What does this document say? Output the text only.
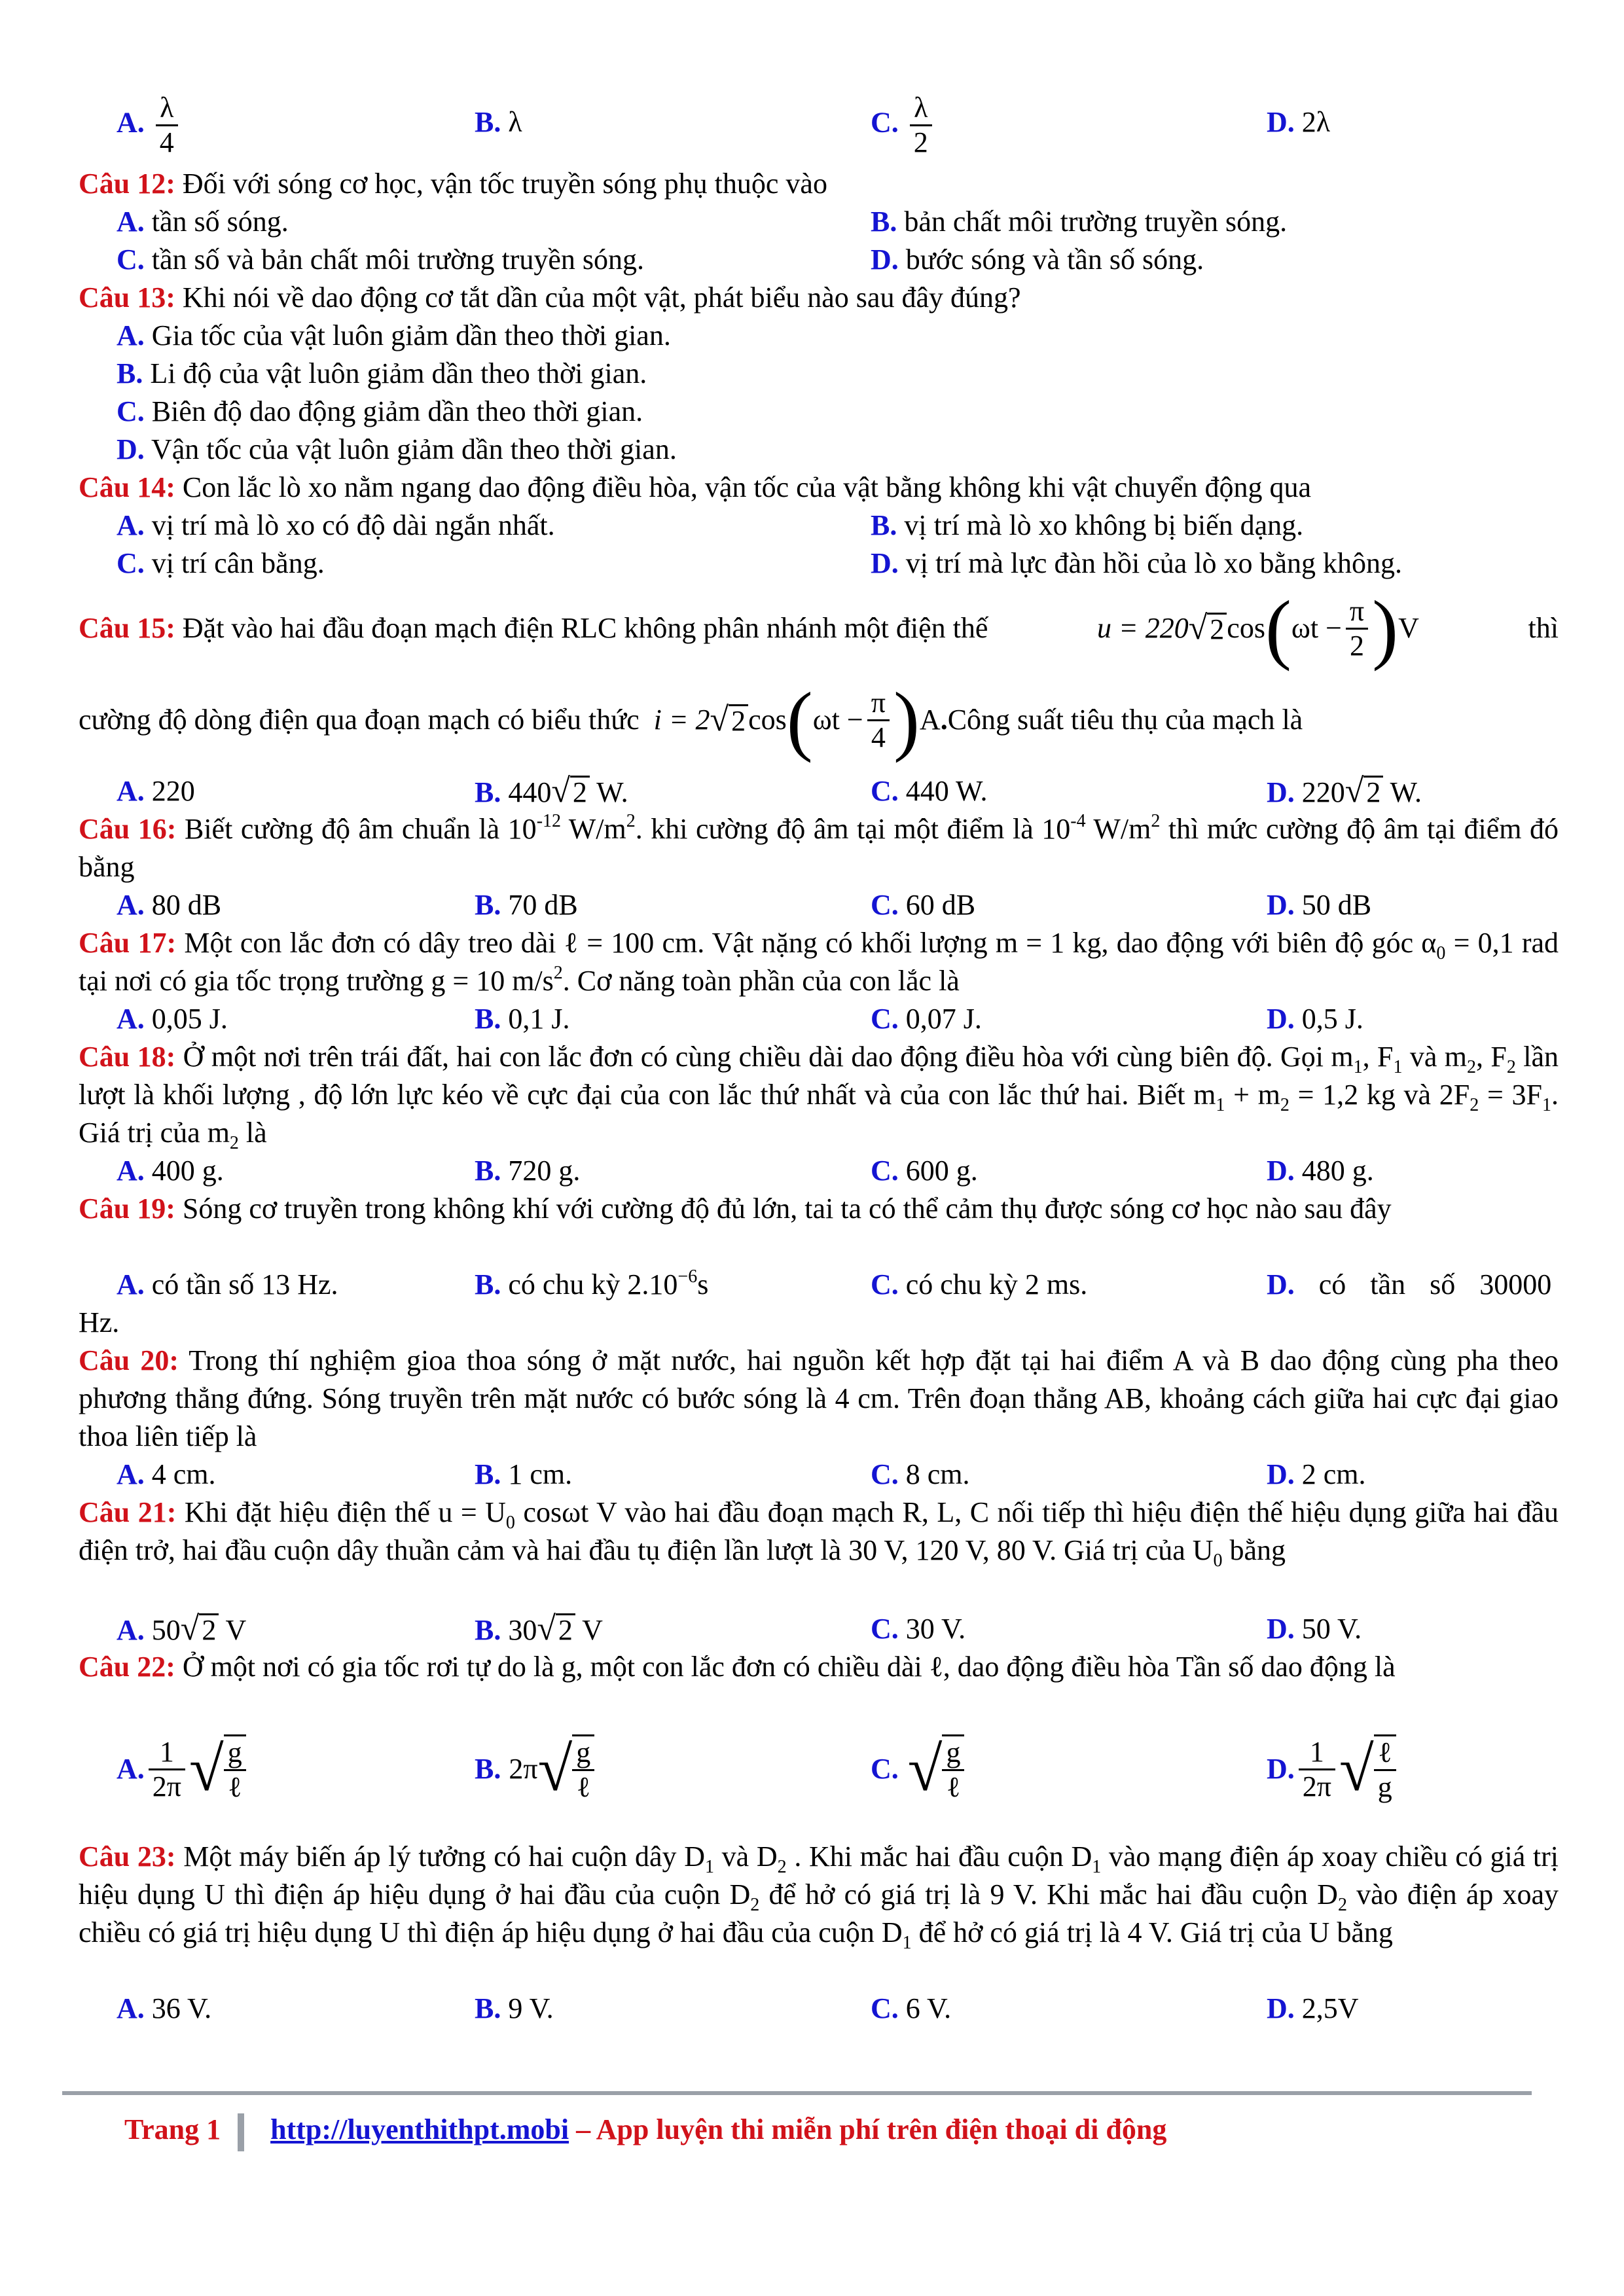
A. $\frac{\lambda}{4}$	B. λ	C. $\frac{\lambda}{2}$	D. 2λ
Câu 12: Đối với sóng cơ học, vận tốc truyền sóng phụ thuộc vào
A. tần số sóng.	B. bản chất môi trường truyền sóng.
C. tần số và bản chất môi trường truyền sóng.	D. bước sóng và tần số sóng.
Câu 13: Khi nói về dao động cơ tắt dần của một vật, phát biểu nào sau đây đúng?
A. Gia tốc của vật luôn giảm dần theo thời gian.
B. Li độ của vật luôn giảm dần theo thời gian.
C. Biên độ dao động giảm dần theo thời gian.
D. Vận tốc của vật luôn giảm dần theo thời gian.
Câu 14: Con lắc lò xo nằm ngang dao động điều hòa, vận tốc của vật bằng không khi vật chuyển động qua
A. vị trí mà lò xo có độ dài ngắn nhất.	B. vị trí mà lò xo không bị biến dạng.
C. vị trí cân bằng.	D. vị trí mà lực đàn hồi của lò xo bằng không.
Câu 15: Đặt vào hai đầu đoạn mạch điện RLC không phân nhánh một điện thế	u = 220 √ 2 cos ( $\omega t - \frac{\pi}{2}$ ) V	thì
cường độ dòng điện qua đoạn mạch có biểu thức i = 2 √ 2 cos ( $\omega t - \frac{\pi}{4}$ ) A . Công suất tiêu thụ của mạch là
A. 220	B. 440√2 W.	C. 440 W.	D. 220√2 W.
Câu 16: Biết cường độ âm chuẩn là $10^{-12}$ $W/m^2$. khi cường độ âm tại một điểm là $10^{-4}$ $W/m^2$ thì mức cường độ âm tại điểm đó bằng
A. 80 dB	B. 70 dB	C. 60 dB	D. 50 dB
Câu 17: Một con lắc đơn có dây treo dài ℓ = 100 cm. Vật nặng có khối lượng m = 1 kg, dao động với biên độ góc $\alpha_0 = 0,1$ rad tại nơi có gia tốc trọng trường g = 10 $m/s^2$. Cơ năng toàn phần của con lắc là
A. 0,05 J.	B. 0,1 J.	C. 0,07 J.	D. 0,5 J.
Câu 18: Ở một nơi trên trái đất, hai con lắc đơn có cùng chiều dài dao động điều hòa với cùng biên độ. Gọi $m_1$, $F_1$ và $m_2$, $F_2$ lần lượt là khối lượng , độ lớn lực kéo về cực đại của con lắc thứ nhất và của con lắc thứ hai. Biết $m_1 + m_2 = 1,2$ kg và $2F_2 = 3F_1$. Giá trị của $m_2$ là
A. 400 g.	B. 720 g.	C. 600 g.	D. 480 g.
Câu 19: Sóng cơ truyền trong không khí với cường độ đủ lớn, tai ta có thể cảm thụ được sóng cơ học nào sau đây
A. có tần số 13 Hz.	B. có chu kỳ $2.10^{-6}s$	C. có chu kỳ 2 ms.	D. có tần số 30000
Hz.
Câu 20: Trong thí nghiệm gioa thoa sóng ở mặt nước, hai nguồn kết hợp đặt tại hai điểm A và B dao động cùng pha theo phương thẳng đứng. Sóng truyền trên mặt nước có bước sóng là 4 cm. Trên đoạn thẳng AB, khoảng cách giữa hai cực đại giao thoa liên tiếp là
A. 4 cm.	B. 1 cm.	C. 8 cm.	D. 2 cm.
Câu 21: Khi đặt hiệu điện thế $u = U_0$ cosωt V vào hai đầu đoạn mạch R, L, C nối tiếp thì hiệu điện thế hiệu dụng giữa hai đầu điện trở, hai đầu cuộn dây thuần cảm và hai đầu tụ điện lần lượt là 30 V, 120 V, 80 V. Giá trị của $U_0$ bằng
A. 50√2 V	B. 30√2 V	C. 30 V.	D. 50 V.
Câu 22: Ở một nơi có gia tốc rơi tự do là g, một con lắc đơn có chiều dài ℓ, dao động điều hòa Tần số dao động là
A. $\frac{1}{2\pi}$ √ $\frac{g}{\text{ℓ}}$	B. 2π √ $\frac{g}{\text{ℓ}}$	C. √ $\frac{g}{\text{ℓ}}$	D. $\frac{1}{2\pi}$ √ $\frac{\text{ℓ}}{g}$
Câu 23: Một máy biến áp lý tưởng có hai cuộn dây $D_1$ và $D_2$ . Khi mắc hai đầu cuộn $D_1$ vào mạng điện áp xoay chiều có giá trị hiệu dụng U thì điện áp hiệu dụng ở hai đầu của cuộn $D_2$ để hở có giá trị là 9 V. Khi mắc hai đầu cuộn $D_2$ vào điện áp xoay chiều có giá trị hiệu dụng U thì điện áp hiệu dụng ở hai đầu của cuộn $D_1$ để hở có giá trị là 4 V. Giá trị của U bằng
A. 36 V.	B. 9 V.	C. 6 V.	D. 2,5V
Trang 1 http://luyenthithpt.mobi – App luyện thi miễn phí trên điện thoại di động
